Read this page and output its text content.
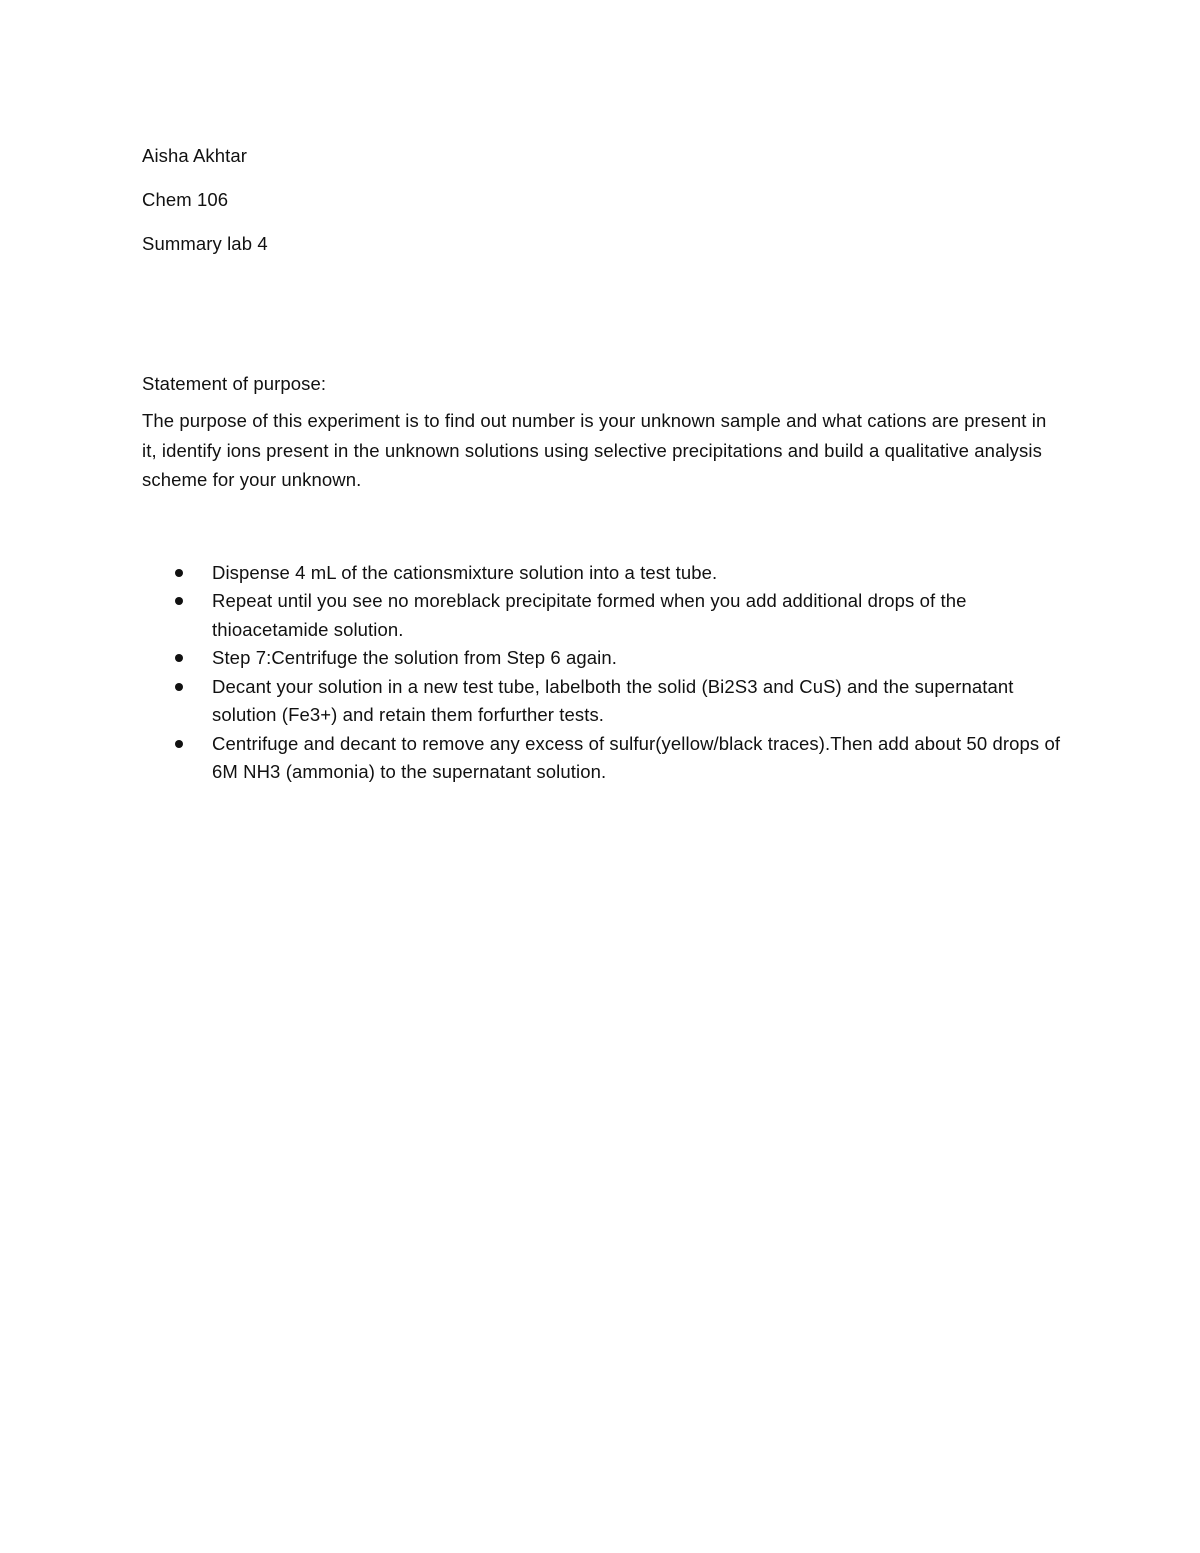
Aisha Akhtar

Chem 106

Summary lab 4

Statement of purpose:

The purpose of this experiment is to find out number is your unknown sample and what cations are present in it, identify ions present in the unknown solutions using selective precipitations and build a qualitative analysis scheme for your unknown.

Dispense 4 mL of the cationsmixture solution into a test tube.
Repeat until you see no moreblack precipitate formed when you add additional drops of the thioacetamide solution.
Step 7:Centrifuge the solution from Step 6 again.
Decant your solution in a new test tube, labelboth the solid (Bi2S3 and CuS) and the supernatant solution (Fe3+) and retain them forfurther tests.
Centrifuge and decant to remove any excess of sulfur(yellow/black traces).Then add about 50 drops of 6M NH3 (ammonia) to the supernatant solution.
